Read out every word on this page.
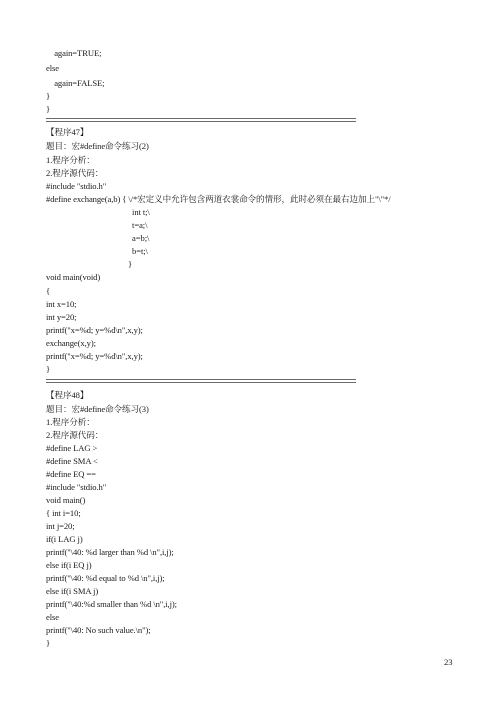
again=TRUE;
else
again=FALSE;
}
}
【程序47】
题目：宏#define命令练习(2)
1.程序分析：
2.程序源代码：
#include "stdio.h"
#define exchange(a,b) { \/*宏定义中允许包含两道衣裳命令的情形，此时必须在最右边加上"\"*/
int t;\
t=a;\
a=b;\
b=t;\
}
void main(void)
{
int x=10;
int y=20;
printf("x=%d; y=%d\n",x,y);
exchange(x,y);
printf("x=%d; y=%d\n",x,y);
}
【程序48】
题目：宏#define命令练习(3)
1.程序分析：
2.程序源代码：
#define LAG >
#define SMA <
#define EQ ==
#include "stdio.h"
void main()
{ int i=10;
int j=20;
if(i LAG j)
printf("\40: %d larger than %d \n",i,j);
else if(i EQ j)
printf("\40: %d equal to %d \n",i,j);
else if(i SMA j)
printf("\40:%d smaller than %d \n",i,j);
else
printf("\40: No such value.\n");
}
23
